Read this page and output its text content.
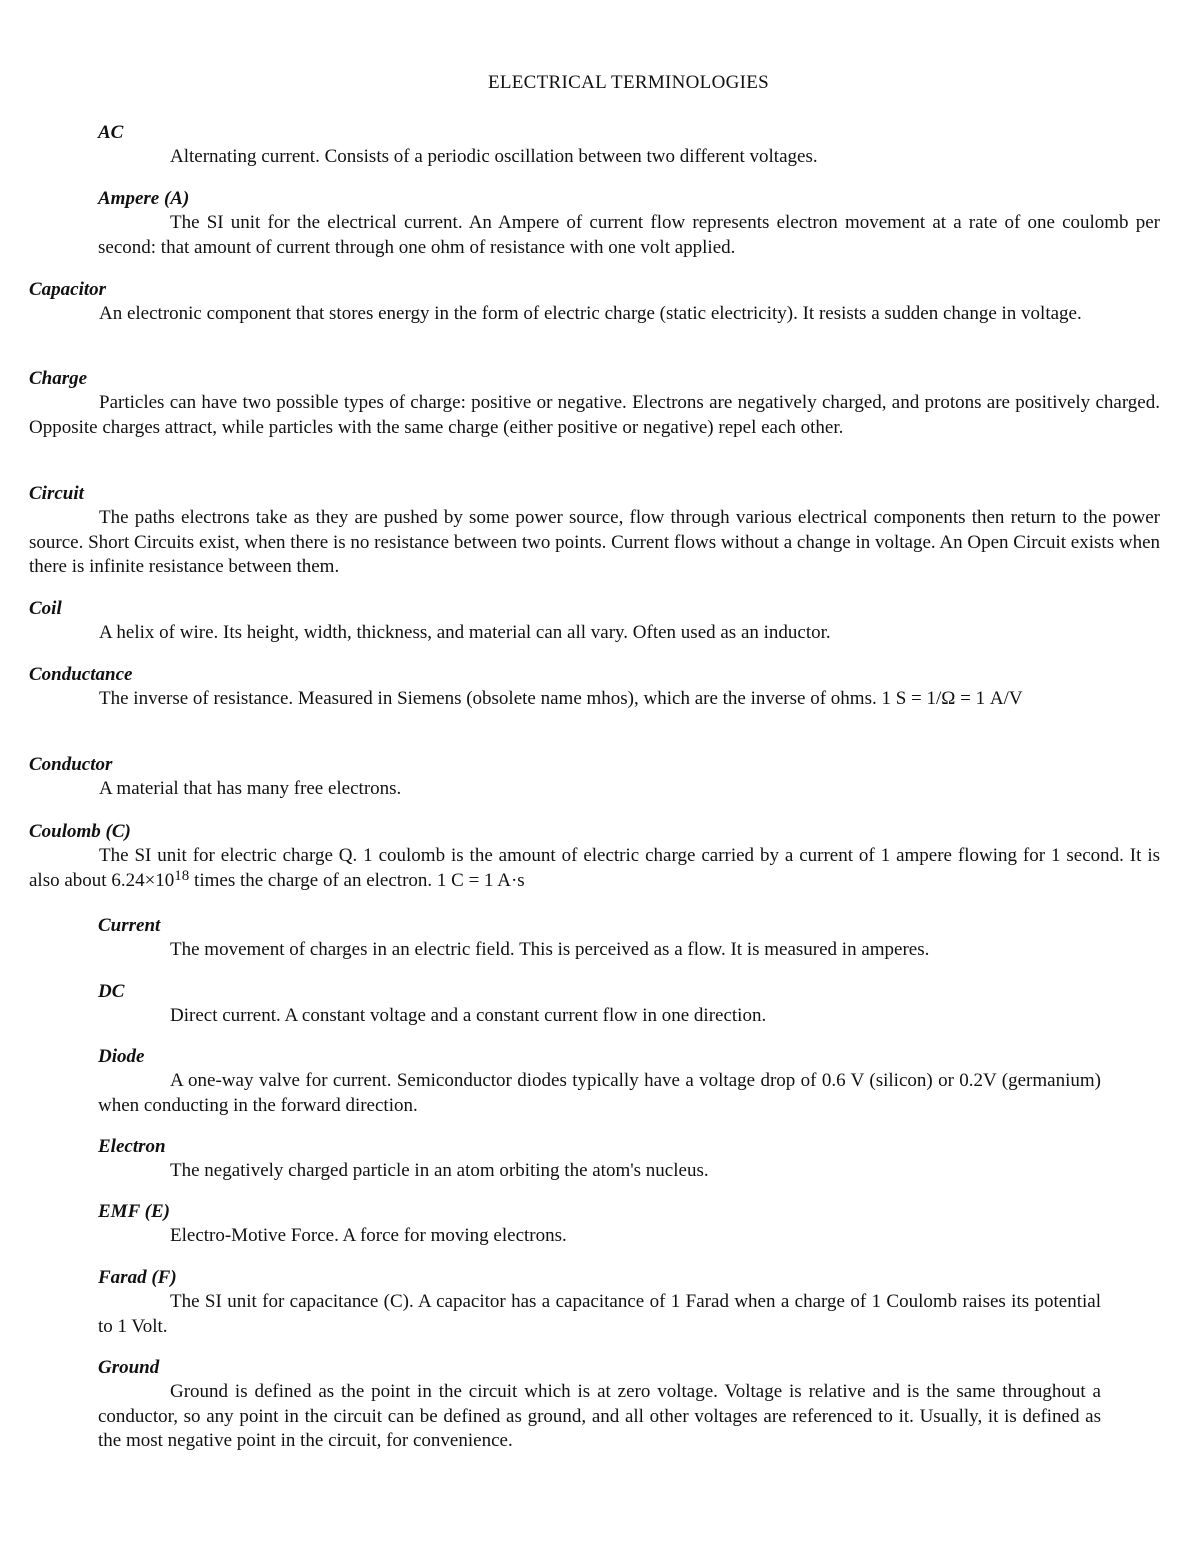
ELECTRICAL TERMINOLOGIES

AC

Alternating current. Consists of a periodic oscillation between two different voltages.

Ampere (A)

The SI unit for the electrical current. An Ampere of current flow represents electron movement at a rate of one coulomb per second: that amount of current through one ohm of resistance with one volt applied.

Capacitor

An electronic component that stores energy in the form of electric charge (static electricity). It resists a sudden change in voltage.

Charge

Particles can have two possible types of charge: positive or negative. Electrons are negatively charged, and protons are positively charged. Opposite charges attract, while particles with the same charge (either positive or negative) repel each other.

Circuit

The paths electrons take as they are pushed by some power source, flow through various electrical components then return to the power source. Short Circuits exist, when there is no resistance between two points. Current flows without a change in voltage. An Open Circuit exists when there is infinite resistance between them.

Coil

A helix of wire. Its height, width, thickness, and material can all vary. Often used as an inductor.

Conductance

The inverse of resistance. Measured in Siemens (obsolete name mhos), which are the inverse of ohms. 1 S = 1/Ω = 1 A/V

Conductor

A material that has many free electrons.

Coulomb (C)

The SI unit for electric charge Q. 1 coulomb is the amount of electric charge carried by a current of 1 ampere flowing for 1 second. It is also about $6.24\times 10^{18}$ times the charge of an electron. 1 C = 1 A·s

Current

The movement of charges in an electric field. This is perceived as a flow. It is measured in amperes.

DC

Direct current. A constant voltage and a constant current flow in one direction.

Diode

A one-way valve for current. Semiconductor diodes typically have a voltage drop of 0.6 V (silicon) or 0.2V (germanium) when conducting in the forward direction.

Electron

The negatively charged particle in an atom orbiting the atom's nucleus.

EMF (E)

Electro-Motive Force. A force for moving electrons.

Farad (F)

The SI unit for capacitance (C). A capacitor has a capacitance of 1 Farad when a charge of 1 Coulomb raises its potential to 1 Volt.

Ground

Ground is defined as the point in the circuit which is at zero voltage. Voltage is relative and is the same throughout a conductor, so any point in the circuit can be defined as ground, and all other voltages are referenced to it. Usually, it is defined as the most negative point in the circuit, for convenience.
